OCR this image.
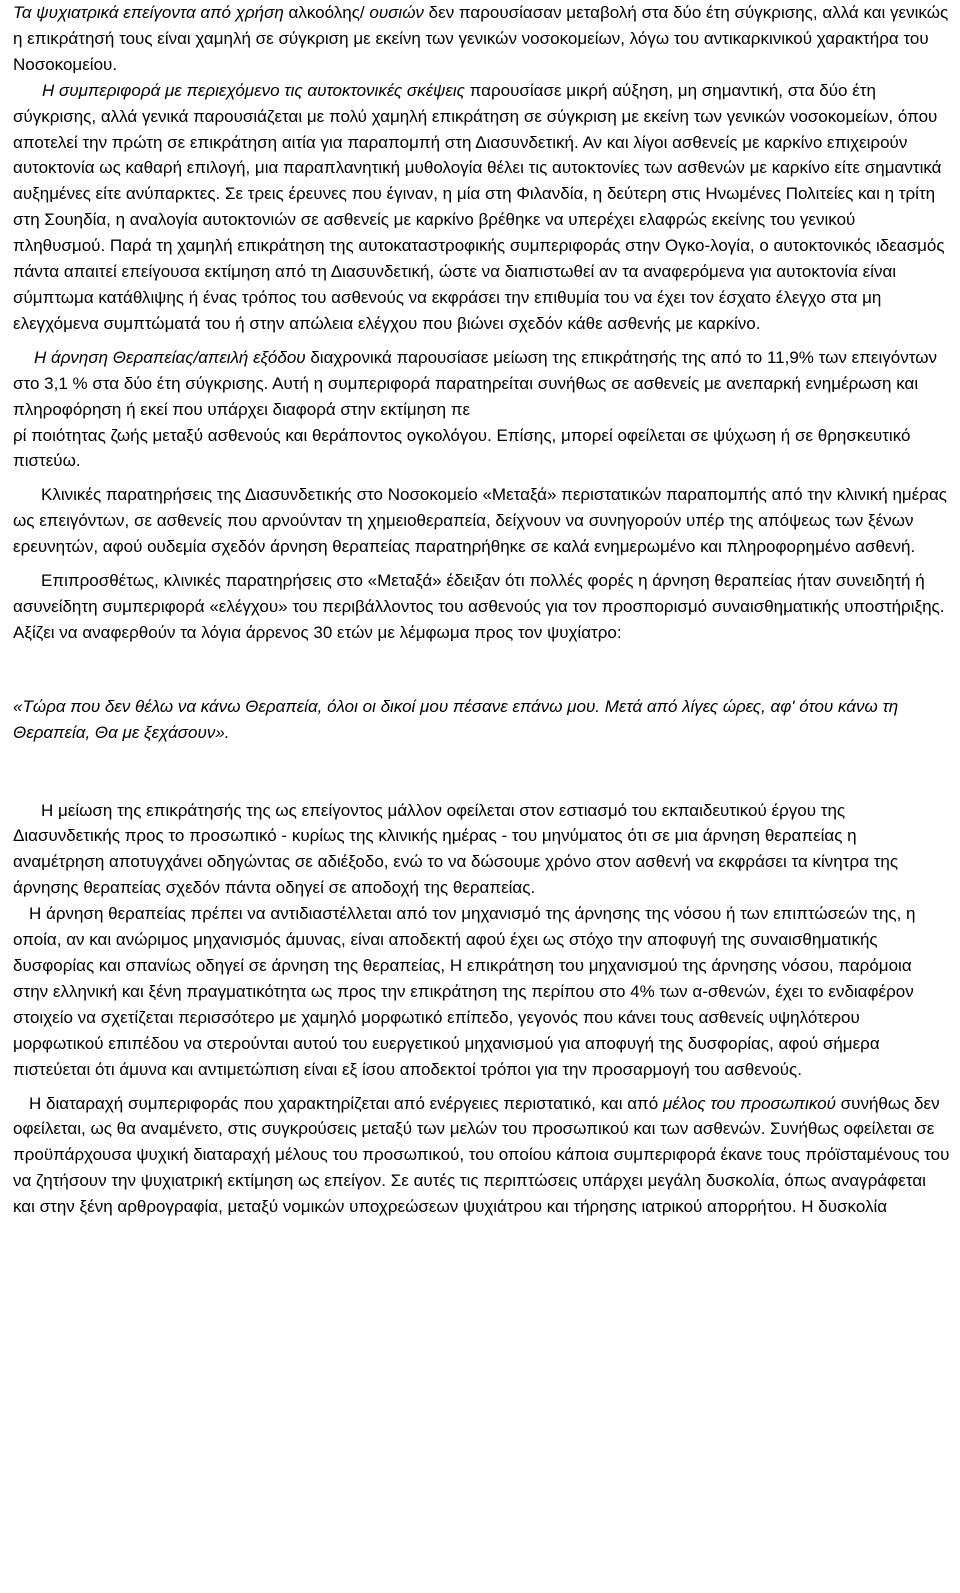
Τα ψυχιατρικά επείγοντα από χρήση αλκοόλης/ ουσιών δεν παρουσίασαν μεταβολή στα δύο έτη σύγκρισης, αλλά και γενικώς η επικράτησή τους είναι χαμηλή σε σύγκριση με εκείνη των γενικών νοσοκομείων, λόγω του αντικαρκινικού χαρακτήρα του Νοσοκομείου.

Η συμπεριφορά με περιεχόμενο τις αυτοκτονικές σκέψεις παρουσίασε μικρή αύξηση, μη σημαντική, στα δύο έτη σύγκρισης, αλλά γενικά παρουσιάζεται με πολύ χαμηλή επικράτηση σε σύγκριση με εκείνη των γενικών νοσοκομείων, όπου αποτελεί την πρώτη σε επικράτηση αιτία για παραπομπή στη Διασυνδετική. Αν και λίγοι ασθενείς με καρκίνο επιχειρούν αυτοκτονία ως καθαρή επιλογή, μια παραπλανητική μυθολογία θέλει τις αυτοκτονίες των ασθενών με καρκίνο είτε σημαντικά αυξημένες είτε ανύπαρκτες. Σε τρεις έρευνες που έγιναν, η μία στη Φιλανδία, η δεύτερη στις Ηνωμένες Πολιτείες και η τρίτη στη Σουηδία, η αναλογία αυτοκτονιών σε ασθενείς με καρκίνο βρέθηκε να υπερέχει ελαφρώς εκείνης του γενικού πληθυσμού. Παρά τη χαμηλή επικράτηση της αυτοκαταστροφικής συμπεριφοράς στην Ογκο-λογία, ο αυτοκτονικός ιδεασμός πάντα απαιτεί επείγουσα εκτίμηση από τη Διασυνδετική, ώστε να διαπιστωθεί αν τα αναφερόμενα για αυτοκτονία είναι σύμπτωμα κατάθλιψης ή ένας τρόπος του ασθενούς να εκφράσει την επιθυμία του να έχει τον έσχατο έλεγχο στα μη ελεγχόμενα συμπτώματά του ή στην απώλεια ελέγχου που βιώνει σχεδόν κάθε ασθενής με καρκίνο.

Η άρνηση Θεραπείας/απειλή εξόδου διαχρονικά παρουσίασε μείωση της επικράτησής της από το 11,9% των επειγόντων στο 3,1 % στα δύο έτη σύγκρισης. Αυτή η συμπεριφορά παρατηρείται συνήθως σε ασθενείς με ανεπαρκή ενημέρωση και πληροφόρηση ή εκεί που υπάρχει διαφορά στην εκτίμηση πε
ρί ποιότητας ζωής μεταξύ ασθενούς και θεράποντος ογκολόγου. Επίσης, μπορεί οφείλεται σε ψύχωση ή σε θρησκευτικό πιστεύω.

Κλινικές παρατηρήσεις της Διασυνδετικής στο Νοσοκομείο «Μεταξά» περιστατικών παραπομπής από την κλινική ημέρας ως επειγόντων, σε ασθενείς που αρνούνταν τη χημειοθεραπεία, δείχνουν να συνηγορούν υπέρ της απόψεως των ξένων ερευνητών, αφού ουδεμία σχεδόν άρνηση θεραπείας παρατηρήθηκε σε καλά ενημερωμένο και πληροφορημένο ασθενή.

Επιπροσθέτως, κλινικές παρατηρήσεις στο «Μεταξά» έδειξαν ότι πολλές φορές η άρνηση θεραπείας ήταν συνειδητή ή ασυνείδητη συμπεριφορά «ελέγχου» του περιβάλλοντος του ασθενούς για τον προσπορισμό συναισθηματικής υποστήριξης. Αξίζει να αναφερθούν τα λόγια άρρενος 30 ετών με λέμφωμα προς τον ψυχίατρο:

«Τώρα που δεν θέλω να κάνω Θεραπεία, όλοι οι δικοί μου πέσανε επάνω μου. Μετά από λίγες ώρες, αφ' ότου κάνω τη Θεραπεία, Θα με ξεχάσουν».

Η μείωση της επικράτησής της ως επείγοντος μάλλον οφείλεται στον εστιασμό του εκπαιδευτικού έργου της Διασυνδετικής προς το προσωπικό - κυρίως της κλινικής ημέρας - του μηνύματος ότι σε μια άρνηση θεραπείας η αναμέτρηση αποτυγχάνει οδηγώντας σε αδιέξοδο, ενώ το να δώσουμε χρόνο στον ασθενή να εκφράσει τα κίνητρα της άρνησης θεραπείας σχεδόν πάντα οδηγεί σε αποδοχή της θεραπείας.

Η άρνηση θεραπείας πρέπει να αντιδιαστέλλεται από τον μηχανισμό της άρνησης της νόσου ή των επιπτώσεών της, η οποία, αν και ανώριμος μηχανισμός άμυνας, είναι αποδεκτή αφού έχει ως στόχο την αποφυγή της συναισθηματικής δυσφορίας και σπανίως οδηγεί σε άρνηση της θεραπείας, Η επικράτηση του μηχανισμού της άρνησης νόσου, παρόμοια στην ελληνική και ξένη πραγματικότητα ως προς την επικράτηση της περίπου στο 4% των α-σθενών, έχει το ενδιαφέρον στοιχείο να σχετίζεται περισσότερο με χαμηλό μορφωτικό επίπεδο, γεγονός που κάνει τους ασθενείς υψηλότερου μορφωτικού επιπέδου να στερούνται αυτού του ευεργετικού μηχανισμού για αποφυγή της δυσφορίας, αφού σήμερα πιστεύεται ότι άμυνα και αντιμετώπιση είναι εξ ίσου αποδεκτοί τρόποι για την προσαρμογή του ασθενούς.

Η διαταραχή συμπεριφοράς που χαρακτηρίζεται από ενέργειες περιστατικό, και από μέλος του προσωπικού συνήθως δεν οφείλεται, ως θα αναμένετο, στις συγκρούσεις μεταξύ των μελών του προσωπικού και των ασθενών. Συνήθως οφείλεται σε προϋπάρχουσα ψυχική διαταραχή μέλους του προσωπικού, του οποίου κάποια συμπεριφορά έκανε τους πρόϊσταμένους του να ζητήσουν την ψυχιατρική εκτίμηση ως επείγον. Σε αυτές τις περιπτώσεις υπάρχει μεγάλη δυσκολία, όπως αναγράφεται και στην ξένη αρθρογραφία, μεταξύ νομικών υποχρεώσεων ψυχιάτρου και τήρησης ιατρικού απορρήτου. Η δυσκολία
